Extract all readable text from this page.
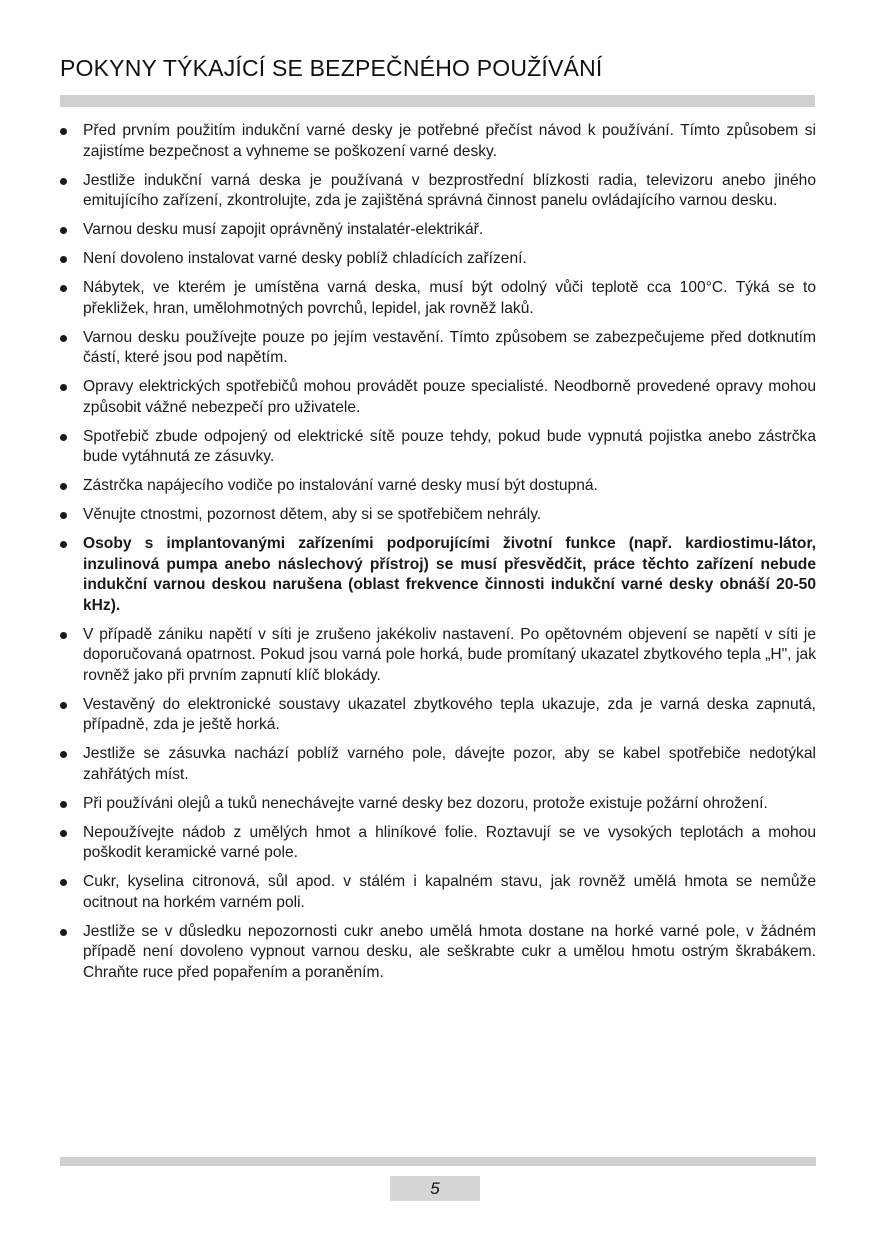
POKYNY TÝKAJÍCÍ SE BEZPEČNÉHO POUŽÍVÁNÍ
Před prvním použitím indukční varné desky je potřebné přečíst návod k používání. Tímto způsobem si zajistíme bezpečnost a vyhneme se poškození varné desky.
Jestliže indukční varná deska je používaná v bezprostřední blízkosti radia, televizoru anebo jiného emitujícího zařízení, zkontrolujte, zda je zajištěná správná činnost panelu ovládajícího varnou desku.
Varnou desku musí zapojit oprávněný instalatér-elektrikář.
Není dovoleno instalovat varné desky poblíž chladících zařízení.
Nábytek, ve kterém je umístěna varná deska, musí být odolný vůči teplotě cca 100°C. Týká se to překližek, hran, umělohmotných povrchů, lepidel, jak rovněž laků.
Varnou desku používejte pouze po jejím vestavění. Tímto způsobem se zabezpečujeme před dotknutím částí, které jsou pod napětím.
Opravy elektrických spotřebičů mohou provádět pouze specialisté. Neodborně provedené opravy mohou způsobit vážné nebezpečí pro uživatele.
Spotřebič zbude odpojený od elektrické sítě pouze tehdy, pokud bude vypnutá pojistka anebo zástrčka bude vytáhnutá ze zásuvky.
Zástrčka napájecího vodiče po instalování varné desky musí být dostupná.
Věnujte ctnostmi, pozornost dětem, aby si se spotřebičem nehrály.
Osoby s implantovanými zařízeními podporujícími životní funkce (např. kardiostimu-látor, inzulinová pumpa anebo náslechový přístroj) se musí přesvědčit, práce těchto zařízení nebude indukční varnou deskou narušena (oblast frekvence činnosti indukční varné desky obnáší 20-50 kHz).
V případě zániku napětí v síti je zrušeno jakékoliv nastavení. Po opětovném objevení se napětí v síti je doporučovaná opatrnost. Pokud jsou varná pole horká, bude promítaný ukazatel zbytkového tepla „H", jak rovněž jako při prvním zapnutí klíč blokády.
Vestavěný do elektronické soustavy ukazatel zbytkového tepla ukazuje, zda je varná deska zapnutá, případně, zda je ještě horká.
Jestliže se zásuvka nachází poblíž varného pole, dávejte pozor, aby se kabel spotřebiče nedotýkal zahřátých míst.
Při používáni olejů a tuků nenechávejte varné desky bez dozoru, protože existuje požární ohrožení.
Nepoužívejte nádob z umělých hmot a hliníkové folie. Roztavují se ve vysokých teplotách a mohou poškodit keramické varné pole.
Cukr, kyselina citronová, sůl apod. v stálém i kapalném stavu, jak rovněž umělá hmota se nemůže ocitnout na horkém varném poli.
Jestliže se v důsledku nepozornosti cukr anebo umělá hmota dostane na horké varné pole, v žádném případě není dovoleno vypnout varnou desku, ale seškrabte cukr a umělou hmotu ostrým škrabákem. Chraňte ruce před popařením a poraněním.
5
